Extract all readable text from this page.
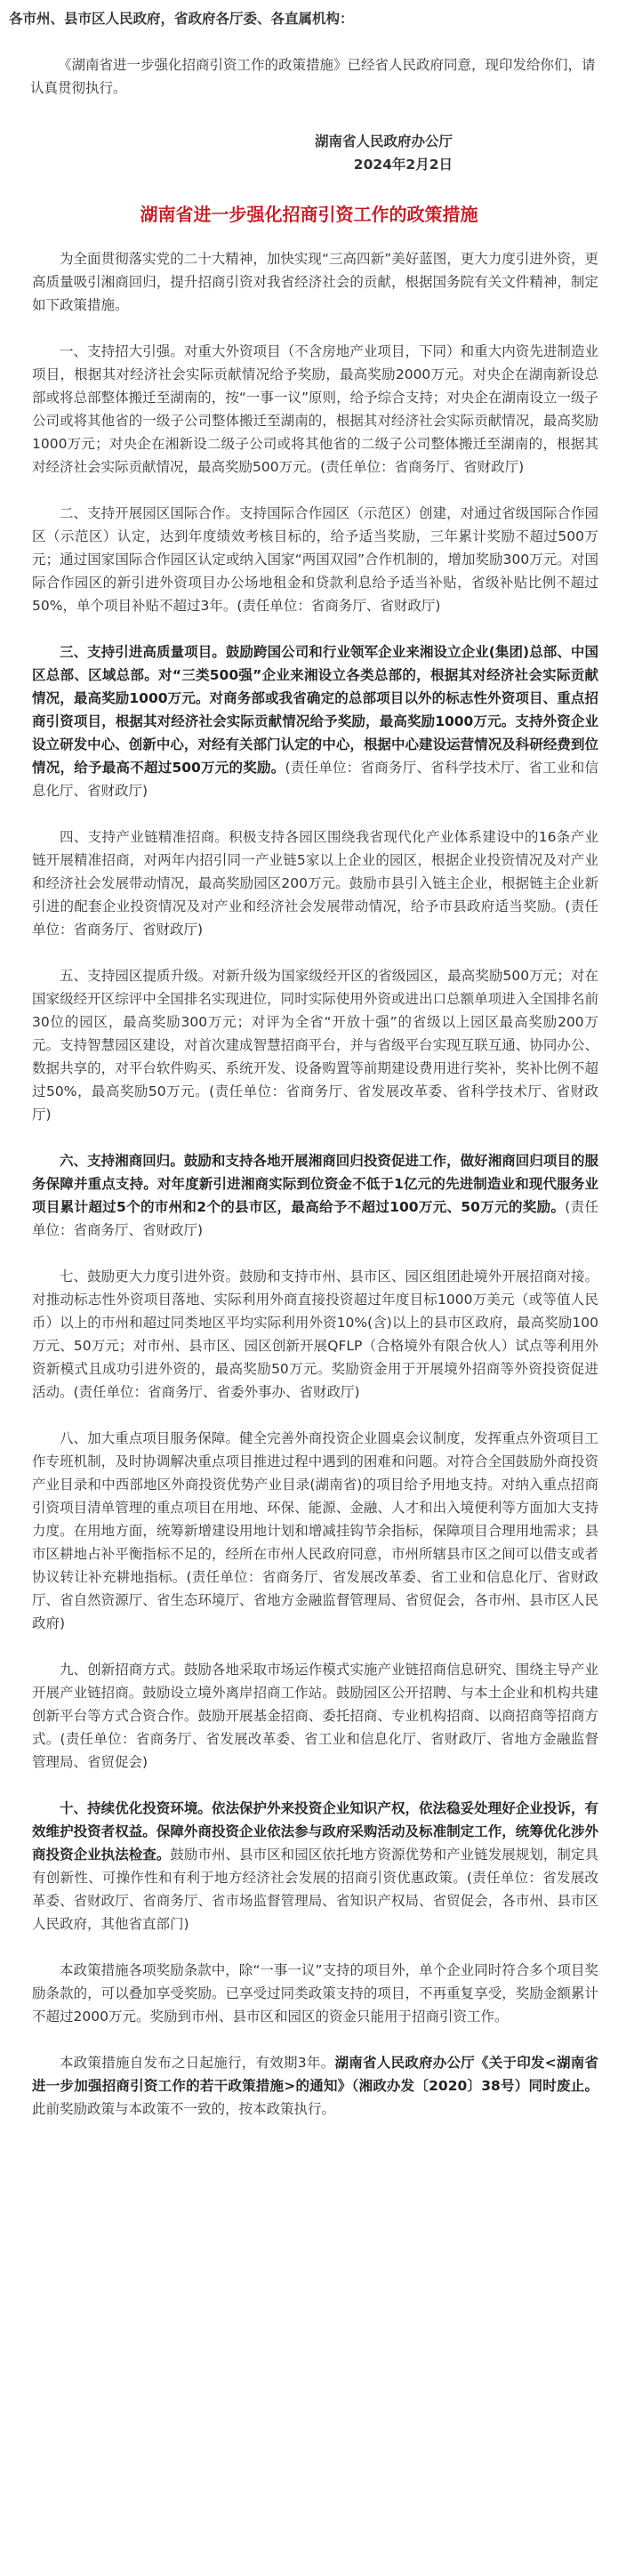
各市州、县市区人民政府，省政府各厅委、各直属机构：

《湖南省进一步强化招商引资工作的政策措施》已经省人民政府同意，现印发给你们，请认真贯彻执行。

湖南省人民政府办公厅

2024年2月2日

湖南省进一步强化招商引资工作的政策措施

为全面贯彻落实党的二十大精神，加快实现“三高四新”美好蓝图，更大力度引进外资，更高质量吸引湘商回归，提升招商引资对我省经济社会的贡献，根据国务院有关文件精神，制定如下政策措施。

一、支持招大引强。对重大外资项目（不含房地产业项目，下同）和重大内资先进制造业项目，根据其对经济社会实际贡献情况给予奖励，最高奖励2000万元。对央企在湖南新设总部或将总部整体搬迁至湖南的，按“一事一议”原则，给予综合支持；对央企在湖南设立一级子公司或将其他省的一级子公司整体搬迁至湖南的，根据其对经济社会实际贡献情况，最高奖励1000万元；对央企在湘新设二级子公司或将其他省的二级子公司整体搬迁至湖南的，根据其对经济社会实际贡献情况，最高奖励500万元。(责任单位：省商务厅、省财政厅)

二、支持开展园区国际合作。支持国际合作园区（示范区）创建，对通过省级国际合作园区（示范区）认定，达到年度绩效考核目标的，给予适当奖励，三年累计奖励不超过500万元；通过国家国际合作园区认定或纳入国家“两国双园”合作机制的，增加奖励300万元。对国际合作园区的新引进外资项目办公场地租金和贷款利息给予适当补贴，省级补贴比例不超过50%，单个项目补贴不超过3年。(责任单位：省商务厅、省财政厅)

三、支持引进高质量项目。鼓励跨国公司和行业领军企业来湘设立企业(集团)总部、中国区总部、区域总部。对“三类500强”企业来湘设立各类总部的，根据其对经济社会实际贡献情况，最高奖励1000万元。对商务部或我省确定的总部项目以外的标志性外资项目、重点招商引资项目，根据其对经济社会实际贡献情况给予奖励，最高奖励1000万元。支持外资企业设立研发中心、创新中心，对经有关部门认定的中心，根据中心建设运营情况及科研经费到位情况，给予最高不超过500万元的奖励。(责任单位：省商务厅、省科学技术厅、省工业和信息化厅、省财政厅)

四、支持产业链精准招商。积极支持各园区围绕我省现代化产业体系建设中的16条产业链开展精准招商，对两年内招引同一产业链5家以上企业的园区，根据企业投资情况及对产业和经济社会发展带动情况，最高奖励园区200万元。鼓励市县引入链主企业，根据链主企业新引进的配套企业投资情况及对产业和经济社会发展带动情况，给予市县政府适当奖励。(责任单位：省商务厅、省财政厅)

五、支持园区提质升级。对新升级为国家级经开区的省级园区，最高奖励500万元；对在国家级经开区综评中全国排名实现进位，同时实际使用外资或进出口总额单项进入全国排名前30位的园区，最高奖励300万元；对评为全省“开放十强”的省级以上园区最高奖励200万元。支持智慧园区建设，对首次建成智慧招商平台，并与省级平台实现互联互通、协同办公、数据共享的，对平台软件购买、系统开发、设备购置等前期建设费用进行奖补，奖补比例不超过50%，最高奖励50万元。(责任单位：省商务厅、省发展改革委、省科学技术厅、省财政厅)

六、支持湘商回归。鼓励和支持各地开展湘商回归投资促进工作，做好湘商回归项目的服务保障并重点支持。对年度新引进湘商实际到位资金不低于1亿元的先进制造业和现代服务业项目累计超过5个的市州和2个的县市区，最高给予不超过100万元、50万元的奖励。(责任单位：省商务厅、省财政厅)

七、鼓励更大力度引进外资。鼓励和支持市州、县市区、园区组团赴境外开展招商对接。对推动标志性外资项目落地、实际利用外商直接投资超过年度目标1000万美元（或等值人民币）以上的市州和超过同类地区平均实际利用外资10%(含)以上的县市区政府，最高奖励100万元、50万元；对市州、县市区、园区创新开展QFLP（合格境外有限合伙人）试点等利用外资新模式且成功引进外资的，最高奖励50万元。奖励资金用于开展境外招商等外资投资促进活动。(责任单位：省商务厅、省委外事办、省财政厅)

八、加大重点项目服务保障。健全完善外商投资企业圆桌会议制度，发挥重点外资项目工作专班机制，及时协调解决重点项目推进过程中遇到的困难和问题。对符合全国鼓励外商投资产业目录和中西部地区外商投资优势产业目录(湖南省)的项目给予用地支持。对纳入重点招商引资项目清单管理的重点项目在用地、环保、能源、金融、人才和出入境便利等方面加大支持力度。在用地方面，统筹新增建设用地计划和增减挂钩节余指标，保障项目合理用地需求；县市区耕地占补平衡指标不足的，经所在市州人民政府同意，市州所辖县市区之间可以借支或者协议转让补充耕地指标。(责任单位：省商务厅、省发展改革委、省工业和信息化厅、省财政厅、省自然资源厅、省生态环境厅、省地方金融监督管理局、省贸促会，各市州、县市区人民政府)

九、创新招商方式。鼓励各地采取市场运作模式实施产业链招商信息研究、围绕主导产业开展产业链招商。鼓励设立境外离岸招商工作站。鼓励园区公开招聘、与本土企业和机构共建创新平台等方式合资合作。鼓励开展基金招商、委托招商、专业机构招商、以商招商等招商方式。(责任单位：省商务厅、省发展改革委、省工业和信息化厅、省财政厅、省地方金融监督管理局、省贸促会)

十、持续优化投资环境。依法保护外来投资企业知识产权，依法稳妥处理好企业投诉，有效维护投资者权益。保障外商投资企业依法参与政府采购活动及标准制定工作，统筹优化涉外商投资企业执法检查。鼓励市州、县市区和园区依托地方资源优势和产业链发展规划，制定具有创新性、可操作性和有利于地方经济社会发展的招商引资优惠政策。(责任单位：省发展改革委、省财政厅、省商务厅、省市场监督管理局、省知识产权局、省贸促会，各市州、县市区人民政府，其他省直部门)

本政策措施各项奖励条款中，除“一事一议”支持的项目外，单个企业同时符合多个项目奖励条款的，可以叠加享受奖励。已享受过同类政策支持的项目，不再重复享受，奖励金额累计不超过2000万元。奖励到市州、县市区和园区的资金只能用于招商引资工作。

本政策措施自发布之日起施行，有效期3年。湖南省人民政府办公厅《关于印发<湖南省进一步加强招商引资工作的若干政策措施>的通知》（湘政办发〔2020〕38号）同时废止。此前奖励政策与本政策不一致的，按本政策执行。
